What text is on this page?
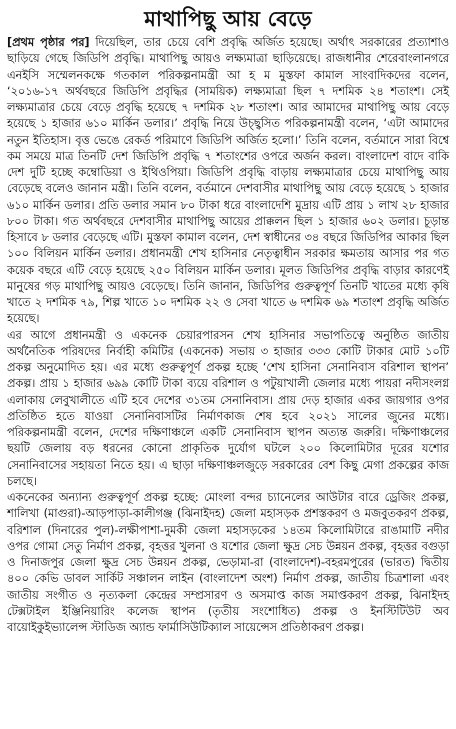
মাথাপিছু আয় বেড়ে

[প্রথম পৃষ্ঠার পর] দিয়েছিল, তার চেয়ে বেশি প্রবৃদ্ধি অর্জিত হয়েছে। অর্থাৎ সরকারের প্রত্যাশাও ছাড়িয়ে গেছে জিডিপি প্রবৃদ্ধি। মাথাপিছু আয়ও লক্ষ্যমাত্রা ছাড়িয়েছে। রাজধানীর শেরেবাংলানগরে এনইসি সম্মেলনকক্ষে গতকাল পরিকল্পনামন্ত্রী আ হ ম মুস্তফা কামাল সাংবাদিকদের বলেন, ‘২০১৬-১৭ অর্থবছরে জিডিপি প্রবৃদ্ধির (সাময়িক) লক্ষ্যমাত্রা ছিল ৭ দশমিক ২৪ শতাংশ। সেই লক্ষ্যমাত্রার চেয়ে বেড়ে প্রবৃদ্ধি হয়েছে ৭ দশমিক ২৮ শতাংশ। আর আমাদের মাথাপিছু আয় বেড়ে হয়েছে ১ হাজার ৬১০ মার্কিন ডলার।’ প্রবৃদ্ধি নিয়ে উচ্ছ্বসিত পরিকল্পনামন্ত্রী বলেন, ‘এটা আমাদের নতুন ইতিহাস। বৃত্ত ভেঙে রেকর্ড পরিমাণে জিডিপি অর্জিত হলো।’ তিনি বলেন, বর্তমানে সারা বিশ্বে কম সময়ে মাত্র তিনটি দেশ জিডিপি প্রবৃদ্ধি ৭ শতাংশের ওপরে অর্জন করল। বাংলাদেশ বাদে বাকি দেশ দুটি হচ্ছে কম্বোডিয়া ও ইথিওপিয়া। জিডিপি প্রবৃদ্ধি বাড়ায় লক্ষ্যমাত্রার চেয়ে মাথাপিছু আয় বেড়েছে বলেও জানান মন্ত্রী। তিনি বলেন, বর্তমানে দেশবাসীর মাথাপিছু আয় বেড়ে হয়েছে ১ হাজার ৬১০ মার্কিন ডলার। প্রতি ডলার সমান ৮০ টাকা ধরে বাংলাদেশি মুদ্রায় এটি প্রায় ১ লাখ ২৮ হাজার ৮০০ টাকা। গত অর্থবছরে দেশবাসীর মাথাপিছু আয়ের প্রাক্কলন ছিল ১ হাজার ৬০২ ডলার। চূড়ান্ত হিসাবে ৮ ডলার বেড়েছে এটি। মুস্তফা কামাল বলেন, দেশ স্বাধীনের ৩৪ বছরে জিডিপির আকার ছিল ১০০ বিলিয়ন মার্কিন ডলার। প্রধানমন্ত্রী শেখ হাসিনার নেতৃত্বাধীন সরকার ক্ষমতায় আসার পর গত কয়েক বছরে এটি বেড়ে হয়েছে ২৫০ বিলিয়ন মার্কিন ডলার। মূলত জিডিপির প্রবৃদ্ধি বাড়ার কারণেই মানুষের গড় মাথাপিছু আয়ও বেড়েছে। তিনি জানান, জিডিপির গুরুত্বপূর্ণ তিনটি খাতের মধ্যে কৃষি খাতে ২ দশমিক ৭৯, শিল্প খাতে ১০ দশমিক ২২ ও সেবা খাতে ৬ দশমিক ৬৯ শতাংশ প্রবৃদ্ধি অর্জিত হয়েছে।

এর আগে প্রধানমন্ত্রী ও একনেক চেয়ারপারসন শেখ হাসিনার সভাপতিত্বে অনুষ্ঠিত জাতীয় অর্থনৈতিক পরিষদের নির্বাহী কমিটির (একনেক) সভায় ৩ হাজার ৩৩৩ কোটি টাকার মোট ১০টি প্রকল্প অনুমোদিত হয়। এর মধ্যে গুরুত্বপূর্ণ প্রকল্প হচ্ছে ‘শেখ হাসিনা সেনানিবাস বরিশাল স্থাপন’ প্রকল্প। প্রায় ১ হাজার ৬৯৯ কোটি টাকা ব্যয়ে বরিশাল ও পটুয়াখালী জেলার মধ্যে পায়রা নদীসংলগ্ন এলাকায় লেবুখালীতে এটি হবে দেশের ৩১তম সেনানিবাস। প্রায় দেড় হাজার একর জায়গার ওপর প্রতিষ্ঠিত হতে যাওয়া সেনানিবাসটির নির্মাণকাজ শেষ হবে ২০২১ সালের জুনের মধ্যে। পরিকল্পনামন্ত্রী বলেন, দেশের দক্ষিণাঞ্চলে একটি সেনানিবাস স্থাপন অত্যন্ত জরুরি। দক্ষিণাঞ্চলের ছয়টি জেলায় বড় ধরনের কোনো প্রাকৃতিক দুর্যোগ ঘটলে ২০০ কিলোমিটার দূরের যশোর সেনানিবাসের সহায়তা নিতে হয়। এ ছাড়া দক্ষিণাঞ্চলজুড়ে সরকারের বেশ কিছু মেগা প্রকল্পের কাজ চলছে।

একনেকের অন্যান্য গুরুত্বপূর্ণ প্রকল্প হচ্ছে: মোংলা বন্দর চ্যানেলের আউটার বারে ড্রেজিং প্রকল্প, শালিখা (মাগুরা)-আড়পাড়া-কালীগঞ্জ (ঝিনাইদহ) জেলা মহাসড়ক প্রশস্তকরণ ও মজবুতকরণ প্রকল্প, বরিশাল (দিনারের পুল)-লক্ষীপাশা-দুমকী জেলা মহাসড়কের ১৪তম কিলোমিটারে রাঙামাটি নদীর ওপর গোমা সেতু নির্মাণ প্রকল্প, বৃহত্তর খুলনা ও যশোর জেলা ক্ষুদ্র সেচ উন্নয়ন প্রকল্প, বৃহত্তর বগুড়া ও দিনাজপুর জেলা ক্ষুদ্র সেচ উন্নয়ন প্রকল্প, ভেড়ামা-রা (বাংলাদেশ)-বহরমপুরের (ভারত) দ্বিতীয় ৪০০ কেভি ডাবল সার্কিট সঞ্চালন লাইন (বাংলাদেশ অংশ) নির্মাণ প্রকল্প, জাতীয় চিত্রশালা এবং জাতীয় সংগীত ও নৃত্যকলা কেন্দ্রের সম্প্রসারণ ও অসমাপ্ত কাজ সমাপ্তকরণ প্রকল্প, ঝিনাইদহ টেক্সটাইল ইঞ্জিনিয়ারিং কলেজ স্থাপন (তৃতীয় সংশোধিত) প্রকল্প ও ইনস্টিটিউট অব বায়োইকুইভ্যালেন্স স্টাডিজ অ্যান্ড ফার্মাসিউটিক্যাল সায়েন্সেস প্রতিষ্ঠাকরণ প্রকল্প।
